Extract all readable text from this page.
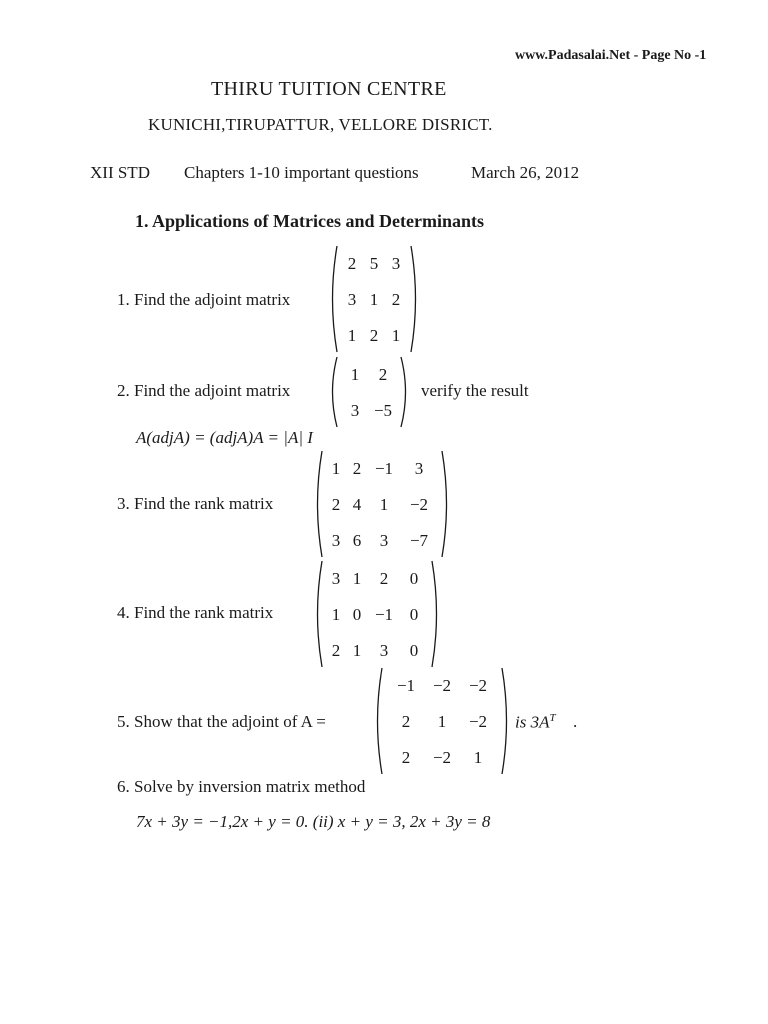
www.Padasalai.Net - Page No -1
THIRU TUITION CENTRE
KUNICHI,TIRUPATTUR, VELLORE DISRICT.
XII STD Chapters 1-10 important questions	March 26, 2012
1. Applications of Matrices and Determinants
1. Find the adjoint matrix
2 5 3
3 1 2
1 2 1
2. Find the adjoint matrix
1 2
3 −5
verify the result
A(adjA) = (adjA)A = |A| I
3. Find the rank matrix
1 2 −1 3
2 4 1 −2
3 6 3 −7
4. Find the rank matrix
3 1 2 0
1 0 −1 0
2 1 3 0
5. Show that the adjoint of A =
−1 −2 −2
2 1 −2
2 −2 1
is $3A^T$ .
6. Solve by inversion matrix method
7x + 3y = −1,2x + y = 0. (ii) x + y = 3, 2x + 3y = 8
